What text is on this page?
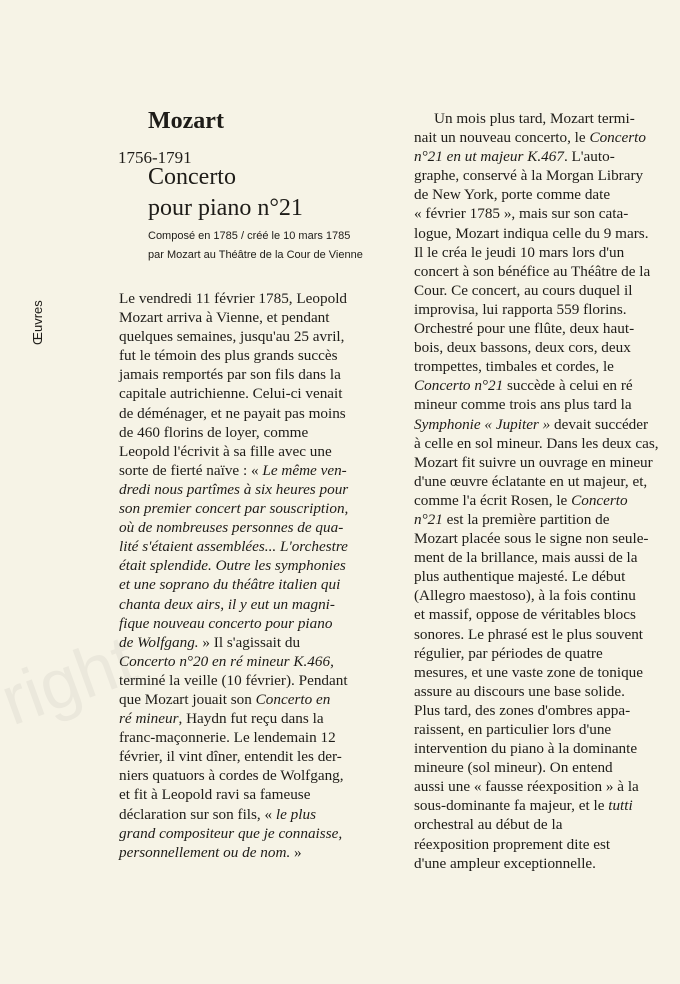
Œuvres
Mozart
1756-1791
Concerto
pour piano n°21
Composé en 1785 / créé le 10 mars 1785
par Mozart au Théâtre de la Cour de Vienne
Le vendredi 11 février 1785, Leopold
Mozart arriva à Vienne, et pendant
quelques semaines, jusqu'au 25 avril,
fut le témoin des plus grands succès
jamais remportés par son fils dans la
capitale autrichienne. Celui-ci venait
de déménager, et ne payait pas moins
de 460 florins de loyer, comme
Leopold l'écrivit à sa fille avec une
sorte de fierté naïve : « Le même ven-
dredi nous partîmes à six heures pour
son premier concert par souscription,
où de nombreuses personnes de qua-
lité s'étaient assemblées... L'orchestre
était splendide. Outre les symphonies
et une soprano du théâtre italien qui
chanta deux airs, il y eut un magni-
fique nouveau concerto pour piano
de Wolfgang. » Il s'agissait du
Concerto n°20 en ré mineur K.466,
terminé la veille (10 février). Pendant
que Mozart jouait son Concerto en
ré mineur, Haydn fut reçu dans la
franc-maçonnerie. Le lendemain 12
février, il vint dîner, entendit les der-
niers quatuors à cordes de Wolfgang,
et fit à Leopold ravi sa fameuse
déclaration sur son fils, « le plus
grand compositeur que je connaisse,
personnellement ou de nom. »
Un mois plus tard, Mozart termi-
nait un nouveau concerto, le Concerto
n°21 en ut majeur K.467. L'auto-
graphe, conservé à la Morgan Library
de New York, porte comme date
« février 1785 », mais sur son cata-
logue, Mozart indiqua celle du 9 mars.
Il le créa le jeudi 10 mars lors d'un
concert à son bénéfice au Théâtre de la
Cour. Ce concert, au cours duquel il
improvisa, lui rapporta 559 florins.
Orchestré pour une flûte, deux haut-
bois, deux bassons, deux cors, deux
trompettes, timbales et cordes, le
Concerto n°21 succède à celui en ré
mineur comme trois ans plus tard la
Symphonie « Jupiter » devait succéder
à celle en sol mineur. Dans les deux cas,
Mozart fit suivre un ouvrage en mineur
d'une œuvre éclatante en ut majeur, et,
comme l'a écrit Rosen, le Concerto
n°21 est la première partition de
Mozart placée sous le signe non seule-
ment de la brillance, mais aussi de la
plus authentique majesté. Le début
(Allegro maestoso), à la fois continu
et massif, oppose de véritables blocs
sonores. Le phrasé est le plus souvent
régulier, par périodes de quatre
mesures, et une vaste zone de tonique
assure au discours une base solide.
Plus tard, des zones d'ombres appa-
raissent, en particulier lors d'une
intervention du piano à la dominante
mineure (sol mineur). On entend
aussi une « fausse réexposition » à la
sous-dominante fa majeur, et le tutti
orchestral au début de la
réexposition proprement dite est
d'une ampleur exceptionnelle.
